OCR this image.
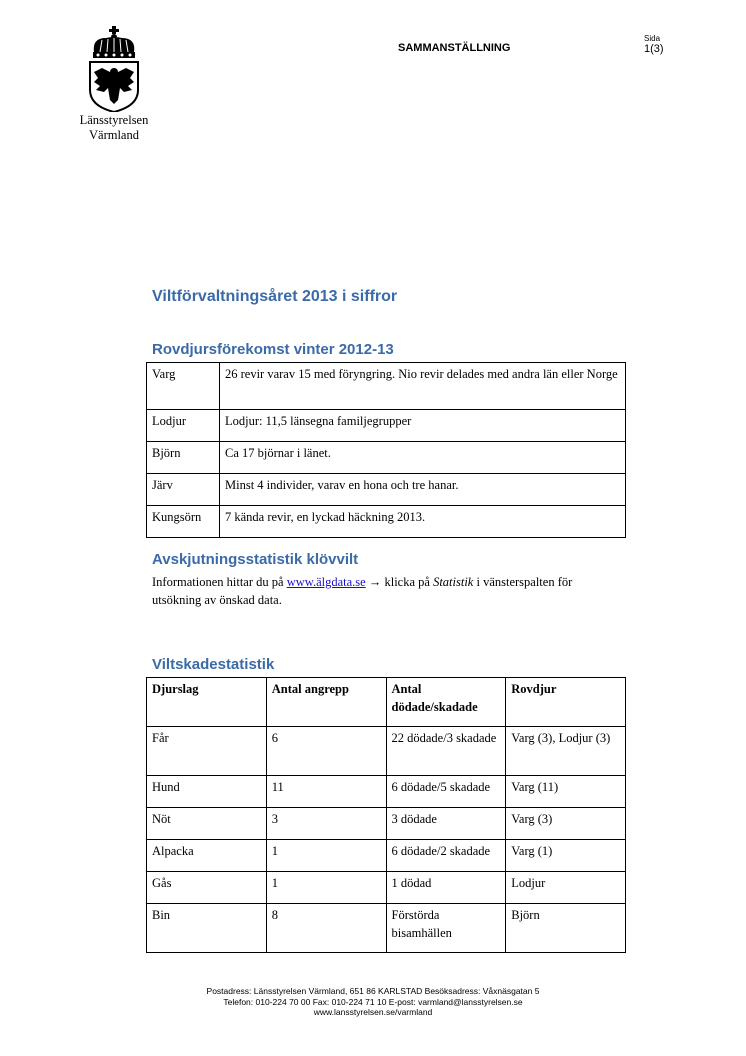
Länsstyrelsen
Värmland
SAMMANSTÄLLNING
Sida
1(3)
Viltförvaltningsåret 2013 i siffror
Rovdjursförekomst vinter 2012-13
Varg	26 revir varav 15 med föryngring. Nio revir delades med andra län eller Norge
Lodjur	Lodjur: 11,5 länsegna familjegrupper
Björn	Ca 17 björnar i länet.
Järv	Minst 4 individer, varav en hona och tre hanar.
Kungsörn	7 kända revir, en lyckad häckning 2013.
Avskjutningsstatistik klövvilt
Informationen hittar du på www.älgdata.se → klicka på Statistik i vänsterspalten för utsökning av önskad data.
Viltskadestatistik
Djurslag	Antal angrepp	Antal dödade/skadade	Rovdjur
Får	6	22 dödade/3 skadade	Varg (3), Lodjur (3)
Hund	11	6 dödade/5 skadade	Varg (11)
Nöt	3	3 dödade	Varg (3)
Alpacka	1	6 dödade/2 skadade	Varg (1)
Gås	1	1 dödad	Lodjur
Bin	8	Förstörda bisamhällen	Björn
Postadress: Länsstyrelsen Värmland, 651 86 KARLSTAD Besöksadress: Våxnäsgatan 5
Telefon: 010-224 70 00 Fax: 010-224 71 10 E-post: varmland@lansstyrelsen.se
www.lansstyrelsen.se/varmland
